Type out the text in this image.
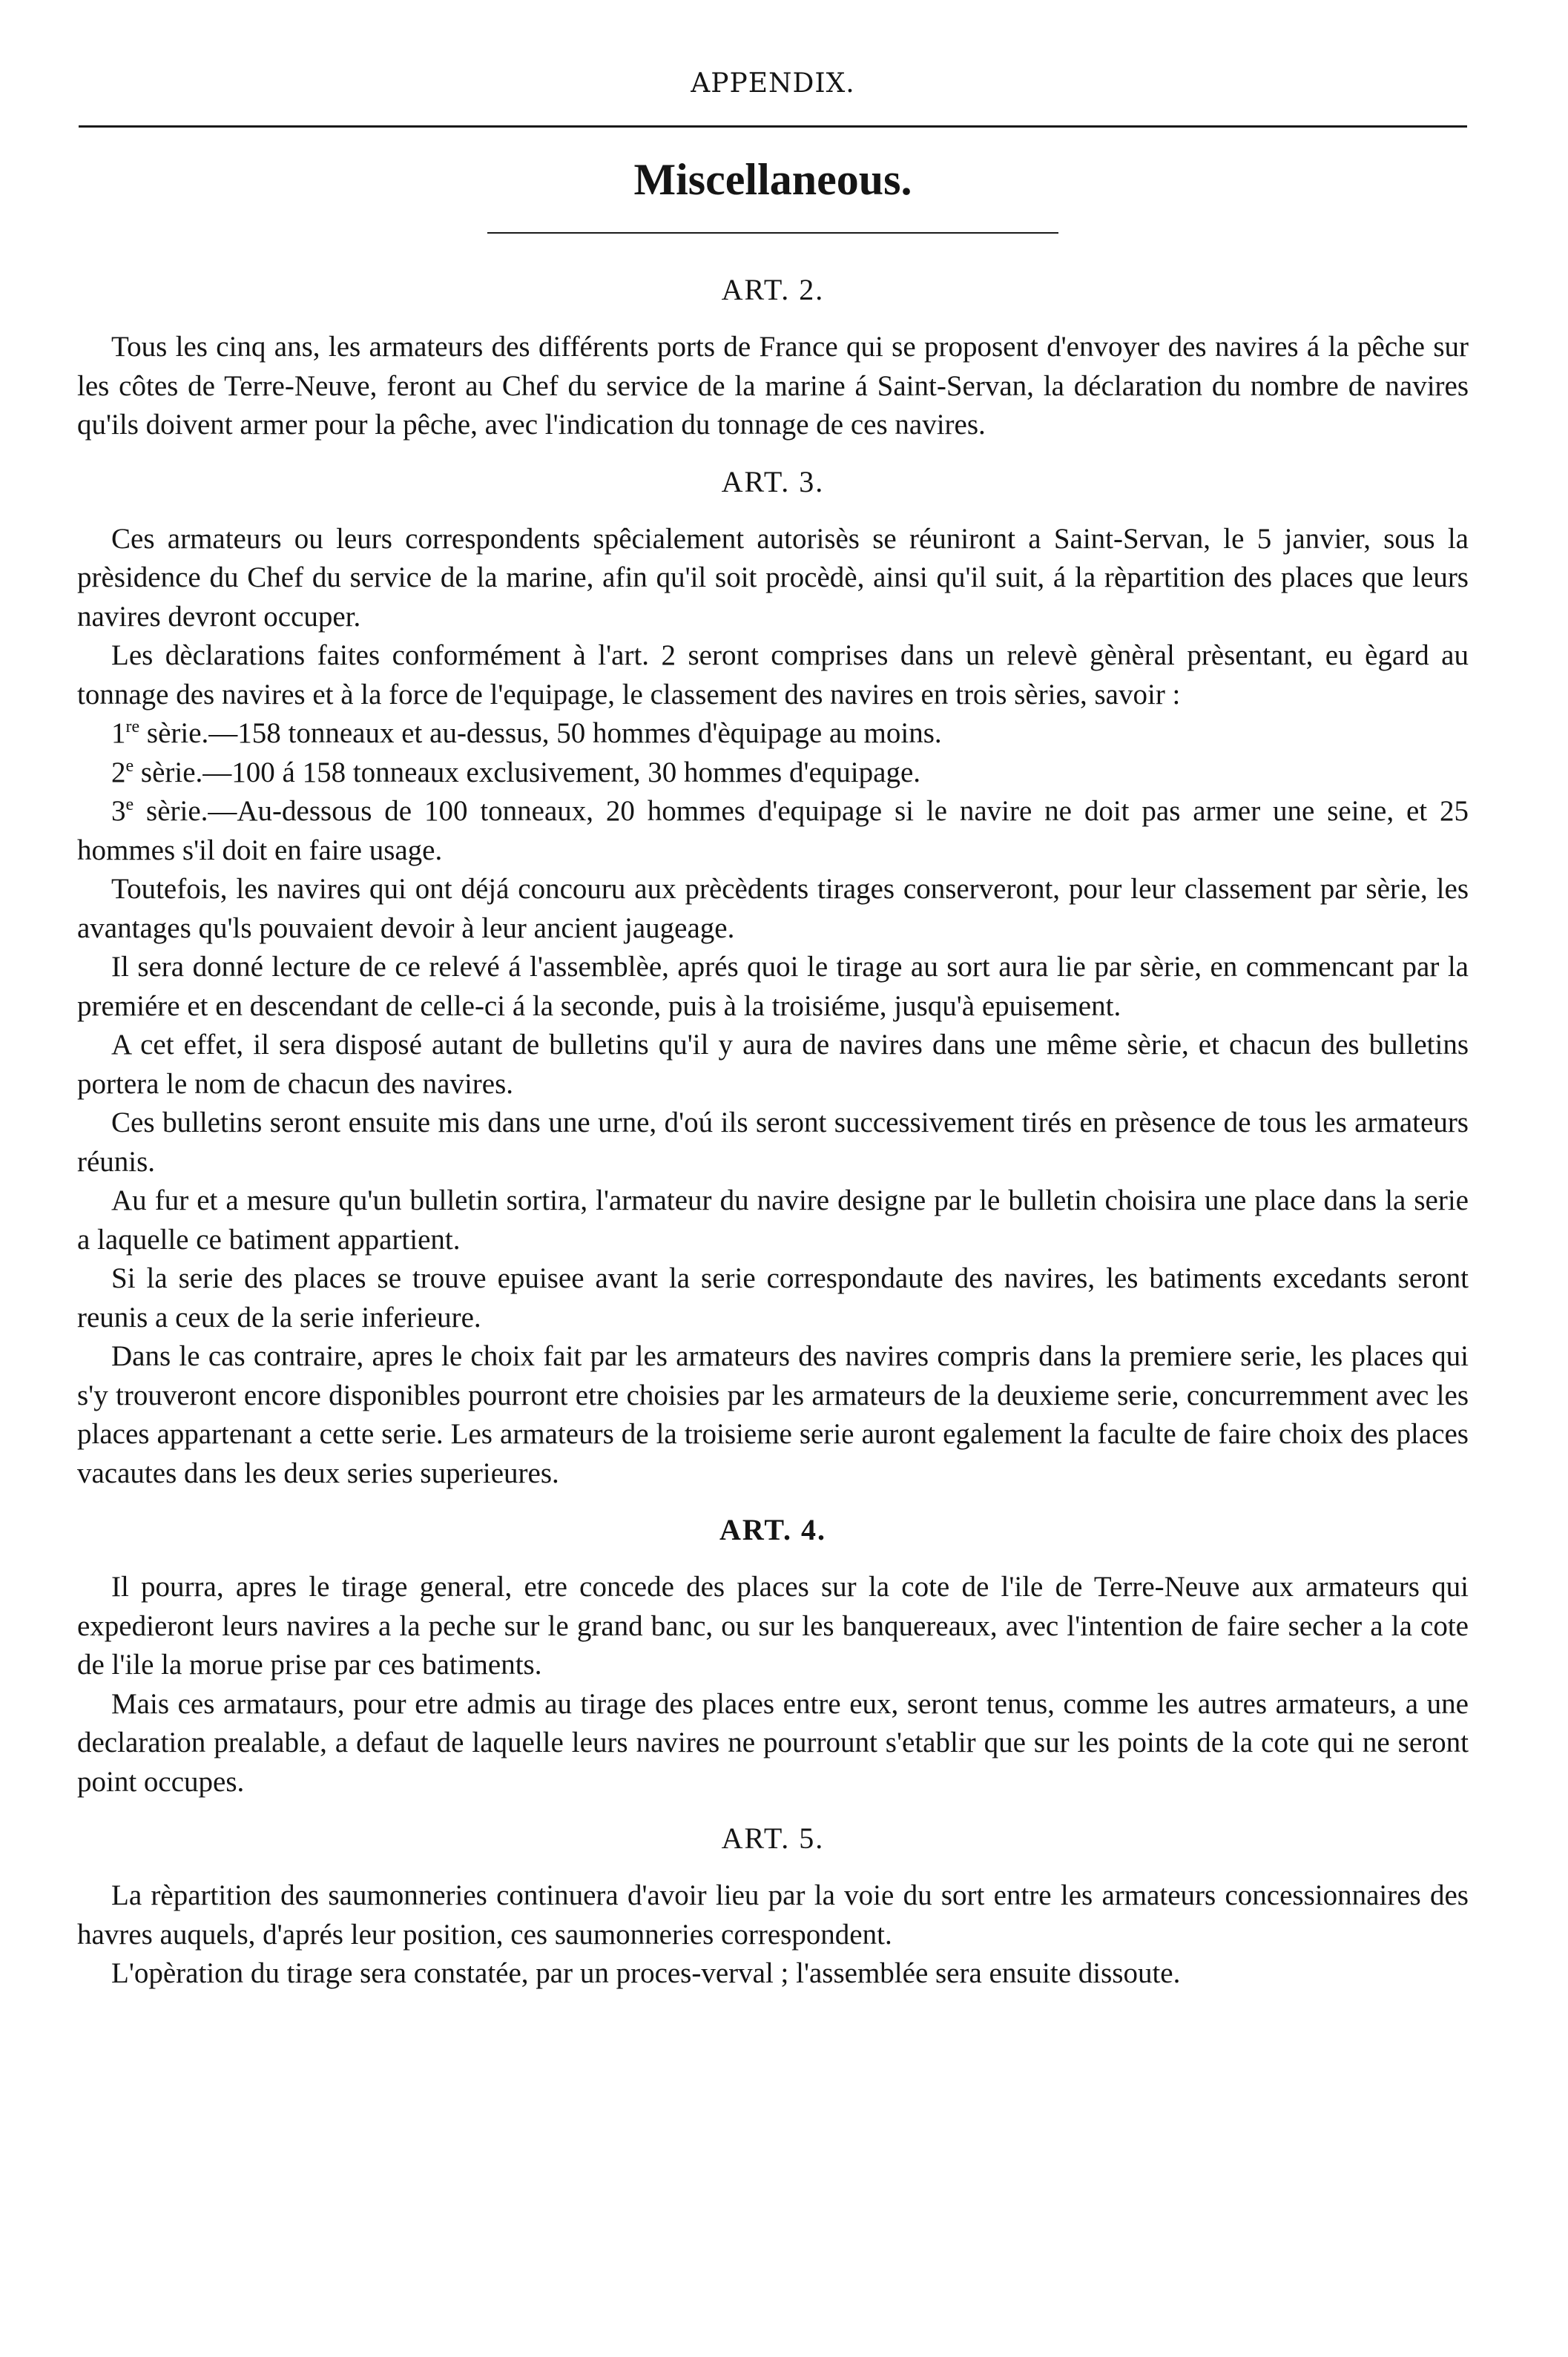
APPENDIX.
Miscellaneous.
ART. 2.

Tous les cinq ans, les armateurs des différents ports de France qui se proposent d'envoyer des navires á la pêche sur les côtes de Terre-Neuve, feront au Chef du service de la marine á Saint-Servan, la déclaration du nombre de navires qu'ils doivent armer pour la pêche, avec l'indication du tonnage de ces navires.

ART. 3.

Ces armateurs ou leurs correspondents spêcialement autorisès se réuniront a Saint-Servan, le 5 janvier, sous la prèsidence du Chef du service de la marine, afin qu'il soit procèdè, ainsi qu'il suit, á la rèpartition des places que leurs navires devront occuper.

Les dèclarations faites conformément à l'art. 2 seront comprises dans un relevè gènèral prèsentant, eu ègard au tonnage des navires et à la force de l'equipage, le classement des navires en trois sèries, savoir :

1re sèrie.—158 tonneaux et au-dessus, 50 hommes d'èquipage au moins.

2e sèrie.—100 á 158 tonneaux exclusivement, 30 hommes d'equipage.

3e sèrie.—Au-dessous de 100 tonneaux, 20 hommes d'equipage si le navire ne doit pas armer une seine, et 25 hommes s'il doit en faire usage.

Toutefois, les navires qui ont déjá concouru aux prècèdents tirages conserveront, pour leur classement par sèrie, les avantages qu'ls pouvaient devoir à leur ancient jaugeage.

Il sera donné lecture de ce relevé á l'assemblèe, aprés quoi le tirage au sort aura lie par sèrie, en commencant par la premiére et en descendant de celle-ci á la seconde, puis à la troisiéme, jusqu'à epuisement.

A cet effet, il sera disposé autant de bulletins qu'il y aura de navires dans une même sèrie, et chacun des bulletins portera le nom de chacun des navires.

Ces bulletins seront ensuite mis dans une urne, d'oú ils seront successivement tirés en prèsence de tous les armateurs réunis.

Au fur et a mesure qu'un bulletin sortira, l'armateur du navire designe par le bulletin choisira une place dans la serie a laquelle ce batiment appartient.

Si la serie des places se trouve epuisee avant la serie correspondaute des navires, les batiments excedants seront reunis a ceux de la serie inferieure.

Dans le cas contraire, apres le choix fait par les armateurs des navires compris dans la premiere serie, les places qui s'y trouveront encore disponibles pourront etre choisies par les armateurs de la deuxieme serie, concurremment avec les places appartenant a cette serie. Les armateurs de la troisieme serie auront egalement la faculte de faire choix des places vacautes dans les deux series superieures.

ART. 4.

Il pourra, apres le tirage general, etre concede des places sur la cote de l'ile de Terre-Neuve aux armateurs qui expedieront leurs navires a la peche sur le grand banc, ou sur les banquereaux, avec l'intention de faire secher a la cote de l'ile la morue prise par ces batiments.

Mais ces armataurs, pour etre admis au tirage des places entre eux, seront tenus, comme les autres armateurs, a une declaration prealable, a defaut de laquelle leurs navires ne pourrount s'etablir que sur les points de la cote qui ne seront point occupes.

ART. 5.

La rèpartition des saumonneries continuera d'avoir lieu par la voie du sort entre les armateurs concessionnaires des havres auquels, d'aprés leur position, ces saumonneries correspondent.

L'opèration du tirage sera constatée, par un proces-verval ; l'assemblée sera ensuite dissoute.
